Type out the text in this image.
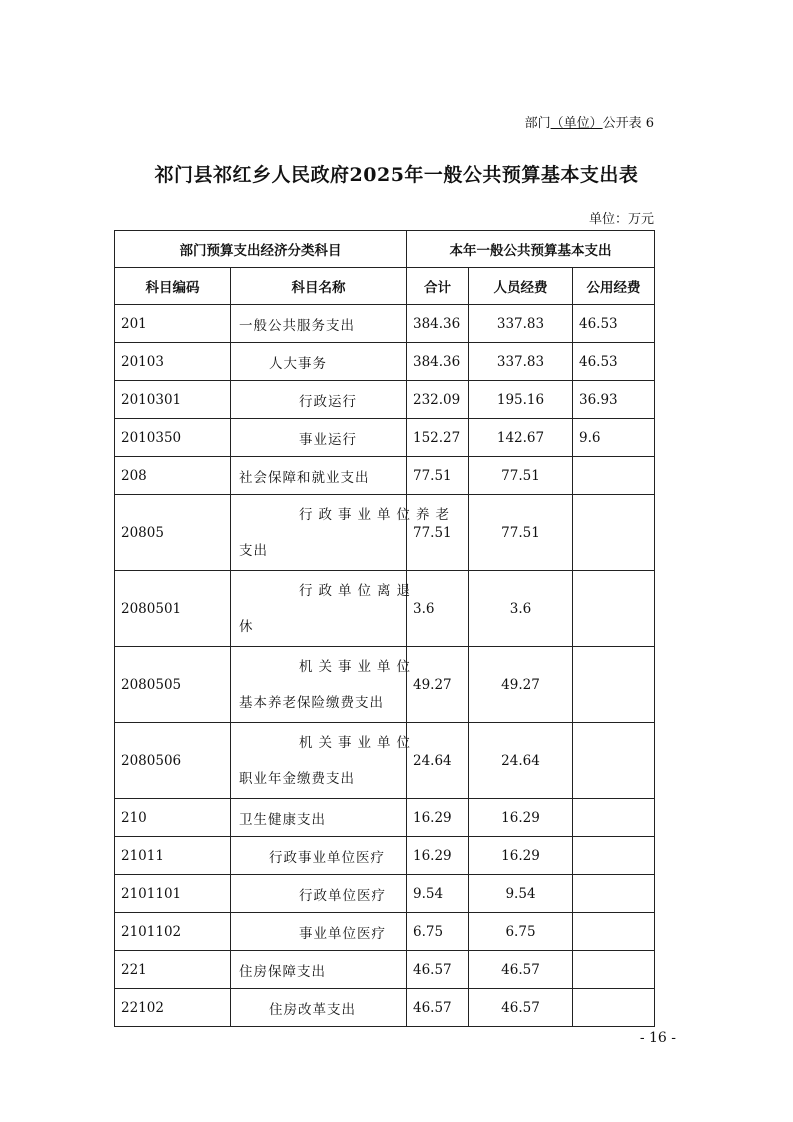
部门（单位）公开表 6
祁门县祁红乡人民政府2025年一般公共预算基本支出表
单位：万元
部门预算支出经济分类科目		本年一般公共预算基本支出		
科目编码	科目名称	合计	人员经费	公用经费
201	一般公共服务支出	384.36	337.83	46.53
20103	人大事务	384.36	337.83	46.53
2010301	行政运行	232.09	195.16	36.93
2010350	事业运行	152.27	142.67	9.6
208	社会保障和就业支出	77.51	77.51	
20805	行政事业单位养老
支出	77.51	77.51	
2080501	行政单位离退
休	3.6	3.6	
2080505	机关事业单位
基本养老保险缴费支出	49.27	49.27	
2080506	机关事业单位
职业年金缴费支出	24.64	24.64	
210	卫生健康支出	16.29	16.29	
21011	行政事业单位医疗	16.29	16.29	
2101101	行政单位医疗	9.54	9.54	
2101102	事业单位医疗	6.75	6.75	
221	住房保障支出	46.57	46.57	
22102	住房改革支出	46.57	46.57	
- 16 -
